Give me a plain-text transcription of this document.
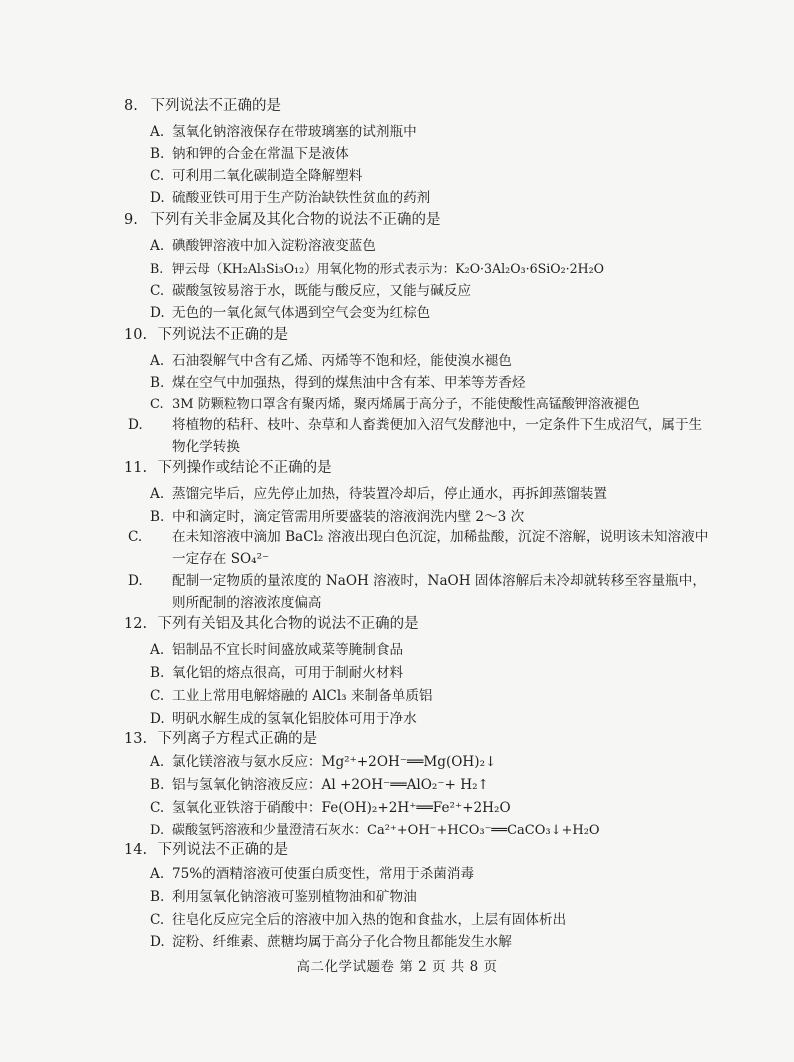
8. 下列说法不正确的是
A. 氢氧化钠溶液保存在带玻璃塞的试剂瓶中
B. 钠和钾的合金在常温下是液体
C. 可利用二氧化碳制造全降解塑料
D. 硫酸亚铁可用于生产防治缺铁性贫血的药剂
9. 下列有关非金属及其化合物的说法不正确的是
A. 碘酸钾溶液中加入淀粉溶液变蓝色
B. 钾云母（KH₂Al₃Si₃O₁₂）用氧化物的形式表示为：K₂O·3Al₂O₃·6SiO₂·2H₂O
C. 碳酸氢铵易溶于水，既能与酸反应，又能与碱反应
D. 无色的一氧化氮气体遇到空气会变为红棕色
10. 下列说法不正确的是
A. 石油裂解气中含有乙烯、丙烯等不饱和烃，能使溴水褪色
B. 煤在空气中加强热，得到的煤焦油中含有苯、甲苯等芳香烃
C. 3M 防颗粒物口罩含有聚丙烯，聚丙烯属于高分子，不能使酸性高锰酸钾溶液褪色
D. 将植物的秸秆、枝叶、杂草和人畜粪便加入沼气发酵池中，一定条件下生成沼气，属于生物化学转换
11. 下列操作或结论不正确的是
A. 蒸馏完毕后，应先停止加热，待装置冷却后，停止通水，再拆卸蒸馏装置
B. 中和滴定时，滴定管需用所要盛装的溶液润洗内壁 2～3 次
C. 在未知溶液中滴加 BaCl₂ 溶液出现白色沉淀，加稀盐酸，沉淀不溶解，说明该未知溶液中一定存在 SO₄²⁻
D. 配制一定物质的量浓度的 NaOH 溶液时，NaOH 固体溶解后未冷却就转移至容量瓶中，则所配制的溶液浓度偏高
12. 下列有关铝及其化合物的说法不正确的是
A. 铝制品不宜长时间盛放咸菜等腌制食品
B. 氧化铝的熔点很高，可用于制耐火材料
C. 工业上常用电解熔融的 AlCl₃ 来制备单质铝
D. 明矾水解生成的氢氧化铝胶体可用于净水
13. 下列离子方程式正确的是
A. 氯化镁溶液与氨水反应：Mg²⁺+2OH⁻══Mg(OH)₂↓
B. 铝与氢氧化钠溶液反应：Al +2OH⁻══AlO₂⁻+ H₂↑
C. 氢氧化亚铁溶于硝酸中：Fe(OH)₂+2H⁺══Fe²⁺+2H₂O
D. 碳酸氢钙溶液和少量澄清石灰水：Ca²⁺+OH⁻+HCO₃⁻══CaCO₃↓+H₂O
14. 下列说法不正确的是
A. 75%的酒精溶液可使蛋白质变性，常用于杀菌消毒
B. 利用氢氧化钠溶液可鉴别植物油和矿物油
C. 往皂化反应完全后的溶液中加入热的饱和食盐水，上层有固体析出
D. 淀粉、纤维素、蔗糖均属于高分子化合物且都能发生水解
高二化学试题卷 第 2 页 共 8 页
